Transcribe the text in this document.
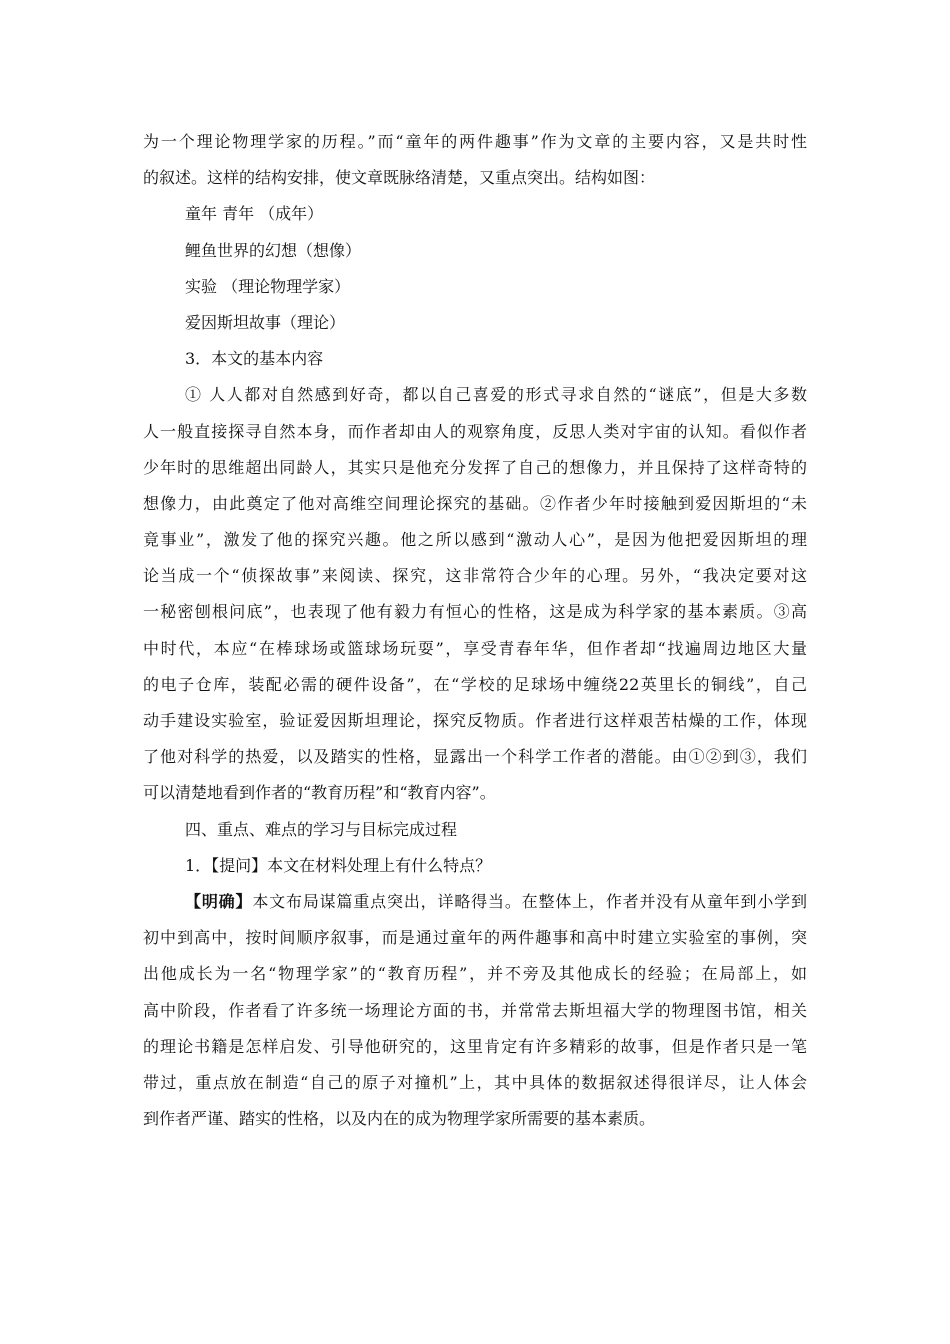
为一个理论物理学家的历程。”而“童年的两件趣事”作为文章的主要内容，又是共时性
的叙述。这样的结构安排，使文章既脉络清楚，又重点突出。结构如图：
童年 青年 （成年）
鲤鱼世界的幻想（想像）
实验 （理论物理学家）
爱因斯坦故事（理论）
3．本文的基本内容
① 人人都对自然感到好奇，都以自己喜爱的形式寻求自然的“谜底”，但是大多数
人一般直接探寻自然本身，而作者却由人的观察角度，反思人类对宇宙的认知。看似作者
少年时的思维超出同龄人，其实只是他充分发挥了自己的想像力，并且保持了这样奇特的
想像力，由此奠定了他对高维空间理论探究的基础。②作者少年时接触到爱因斯坦的“未
竟事业”，激发了他的探究兴趣。他之所以感到“激动人心”，是因为他把爱因斯坦的理
论当成一个“侦探故事”来阅读、探究，这非常符合少年的心理。另外，“我决定要对这
一秘密刨根问底”，也表现了他有毅力有恒心的性格，这是成为科学家的基本素质。③高
中时代，本应“在棒球场或篮球场玩耍”，享受青春年华，但作者却“找遍周边地区大量
的电子仓库，装配必需的硬件设备”，在“学校的足球场中缠绕22英里长的铜线”，自己
动手建设实验室，验证爱因斯坦理论，探究反物质。作者进行这样艰苦枯燥的工作，体现
了他对科学的热爱，以及踏实的性格，显露出一个科学工作者的潜能。由①②到③，我们
可以清楚地看到作者的“教育历程”和“教育内容”。
四、重点、难点的学习与目标完成过程
1．【提问】本文在材料处理上有什么特点？
【明确】本文布局谋篇重点突出，详略得当。在整体上，作者并没有从童年到小学到
初中到高中，按时间顺序叙事，而是通过童年的两件趣事和高中时建立实验室的事例，突
出他成长为一名“物理学家”的“教育历程”，并不旁及其他成长的经验；在局部上，如
高中阶段，作者看了许多统一场理论方面的书，并常常去斯坦福大学的物理图书馆，相关
的理论书籍是怎样启发、引导他研究的，这里肯定有许多精彩的故事，但是作者只是一笔
带过，重点放在制造“自己的原子对撞机”上，其中具体的数据叙述得很详尽，让人体会
到作者严谨、踏实的性格，以及内在的成为物理学家所需要的基本素质。
